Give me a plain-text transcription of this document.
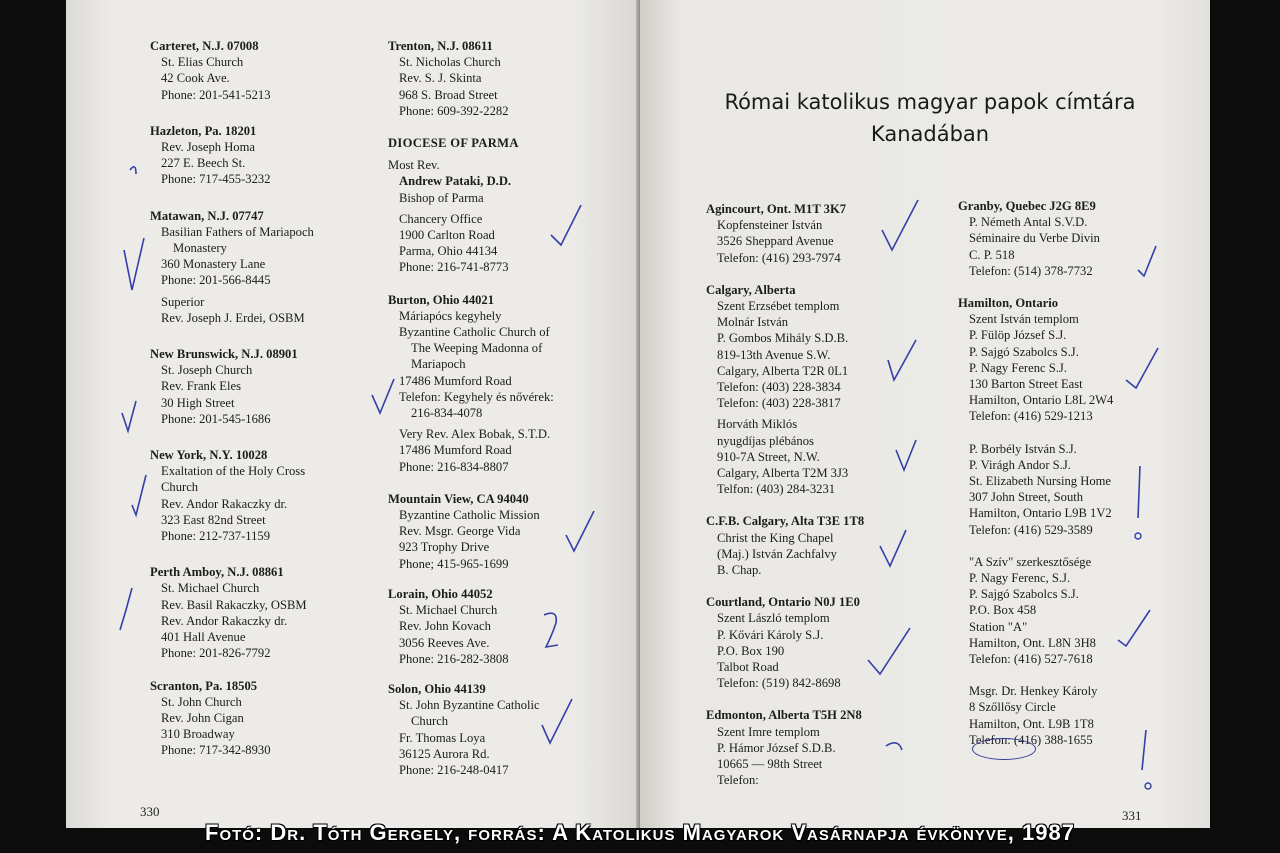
Carteret, N.J. 07008
St. Elias Church
42 Cook Ave.
Phone: 201-541-5213
Hazleton, Pa. 18201
Rev. Joseph Homa
227 E. Beech St.
Phone: 717-455-3232
Matawan, N.J. 07747
Basilian Fathers of Mariapoch
Monastery
360 Monastery Lane
Phone: 201-566-8445
Superior
Rev. Joseph J. Erdei, OSBM
New Brunswick, N.J. 08901
St. Joseph Church
Rev. Frank Eles
30 High Street
Phone: 201-545-1686
New York, N.Y. 10028
Exaltation of the Holy Cross
Church
Rev. Andor Rakaczky dr.
323 East 82nd Street
Phone: 212-737-1159
Perth Amboy, N.J. 08861
St. Michael Church
Rev. Basil Rakaczky, OSBM
Rev. Andor Rakaczky dr.
401 Hall Avenue
Phone: 201-826-7792
Scranton, Pa. 18505
St. John Church
Rev. John Cigan
310 Broadway
Phone: 717-342-8930
Trenton, N.J. 08611
St. Nicholas Church
Rev. S. J. Skinta
968 S. Broad Street
Phone: 609-392-2282
DIOCESE OF PARMA
Most Rev.
Andrew Pataki, D.D.
Bishop of Parma
Chancery Office
1900 Carlton Road
Parma, Ohio 44134
Phone: 216-741-8773
Burton, Ohio 44021
Máriapócs kegyhely
Byzantine Catholic Church of
The Weeping Madonna of
Mariapoch
17486 Mumford Road
Telefon: Kegyhely és nővérek:
216-834-4078
Very Rev. Alex Bobak, S.T.D.
17486 Mumford Road
Phone: 216-834-8807
Mountain View, CA 94040
Byzantine Catholic Mission
Rev. Msgr. George Vida
923 Trophy Drive
Phone; 415-965-1699
Lorain, Ohio 44052
St. Michael Church
Rev. John Kovach
3056 Reeves Ave.
Phone: 216-282-3808
Solon, Ohio 44139
St. John Byzantine Catholic
Church
Fr. Thomas Loya
36125 Aurora Rd.
Phone: 216-248-0417
330
Római katolikus magyar papok címtára
Kanadában
Agincourt, Ont. M1T 3K7
Kopfensteiner István
3526 Sheppard Avenue
Telefon: (416) 293-7974
Calgary, Alberta
Szent Erzsébet templom
Molnár István
P. Gombos Mihály S.D.B.
819-13th Avenue S.W.
Calgary, Alberta T2R 0L1
Telefon: (403) 228-3834
Telefon: (403) 228-3817
Horváth Miklós
nyugdíjas plébános
910-7A Street, N.W.
Calgary, Alberta T2M 3J3
Telfon: (403) 284-3231
C.F.B. Calgary, Alta T3E 1T8
Christ the King Chapel
(Maj.) István Zachfalvy
B. Chap.
Courtland, Ontario N0J 1E0
Szent László templom
P. Kővári Károly S.J.
P.O. Box 190
Talbot Road
Telefon: (519) 842-8698
Edmonton, Alberta T5H 2N8
Szent Imre templom
P. Hámor József S.D.B.
10665 — 98th Street
Telefon:
Granby, Quebec J2G 8E9
P. Németh Antal S.V.D.
Séminaire du Verbe Divin
C. P. 518
Telefon: (514) 378-7732
Hamilton, Ontario
Szent István templom
P. Fülöp József S.J.
P. Sajgó Szabolcs S.J.
P. Nagy Ferenc S.J.
130 Barton Street East
Hamilton, Ontario L8L 2W4
Telefon: (416) 529-1213
P. Borbély István S.J.
P. Virágh Andor S.J.
St. Elizabeth Nursing Home
307 John Street, South
Hamilton, Ontario L9B 1V2
Telefon: (416) 529-3589
"A Szív" szerkesztősége
P. Nagy Ferenc, S.J.
P. Sajgó Szabolcs S.J.
P.O. Box 458
Station "A"
Hamilton, Ont. L8N 3H8
Telefon: (416) 527-7618
Msgr. Dr. Henkey Károly
8 Szőllősy Circle
Hamilton, Ont. L9B 1T8
Telefon: (416) 388-1655
331
Fotó: Dr. Tóth Gergely, forrás: A Katolikus Magyarok Vasárnapja évkönyve, 1987
